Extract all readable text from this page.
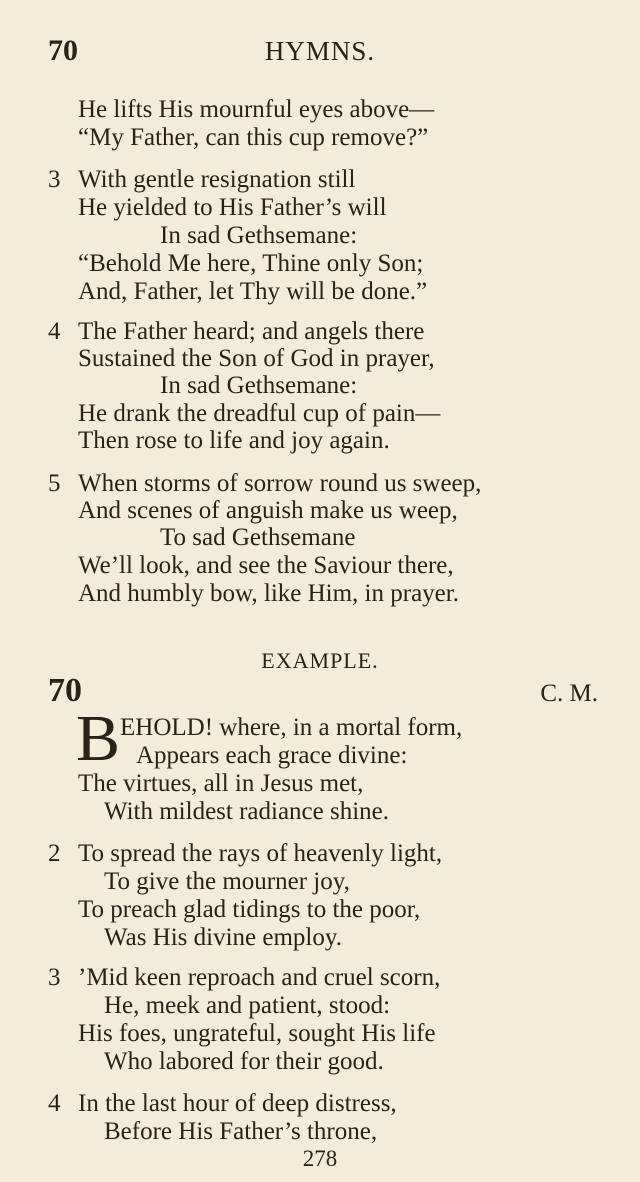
70	HYMNS.
He lifts His mournful eyes above—
“My Father, can this cup remove?”
3 With gentle resignation still
He yielded to His Father’s will
In sad Gethsemane:
“Behold Me here, Thine only Son;
And, Father, let Thy will be done.”
4 The Father heard; and angels there
Sustained the Son of God in prayer,
In sad Gethsemane:
He drank the dreadful cup of pain—
Then rose to life and joy again.
5 When storms of sorrow round us sweep,
And scenes of anguish make us weep,
To sad Gethsemane
We’ll look, and see the Saviour there,
And humbly bow, like Him, in prayer.
EXAMPLE.
70	C. M.
B EHOLD! where, in a mortal form,
Appears each grace divine:
The virtues, all in Jesus met,
With mildest radiance shine.
2 To spread the rays of heavenly light,
To give the mourner joy,
To preach glad tidings to the poor,
Was His divine employ.
3 ’Mid keen reproach and cruel scorn,
He, meek and patient, stood:
His foes, ungrateful, sought His life
Who labored for their good.
4 In the last hour of deep distress,
Before His Father’s throne,
278
